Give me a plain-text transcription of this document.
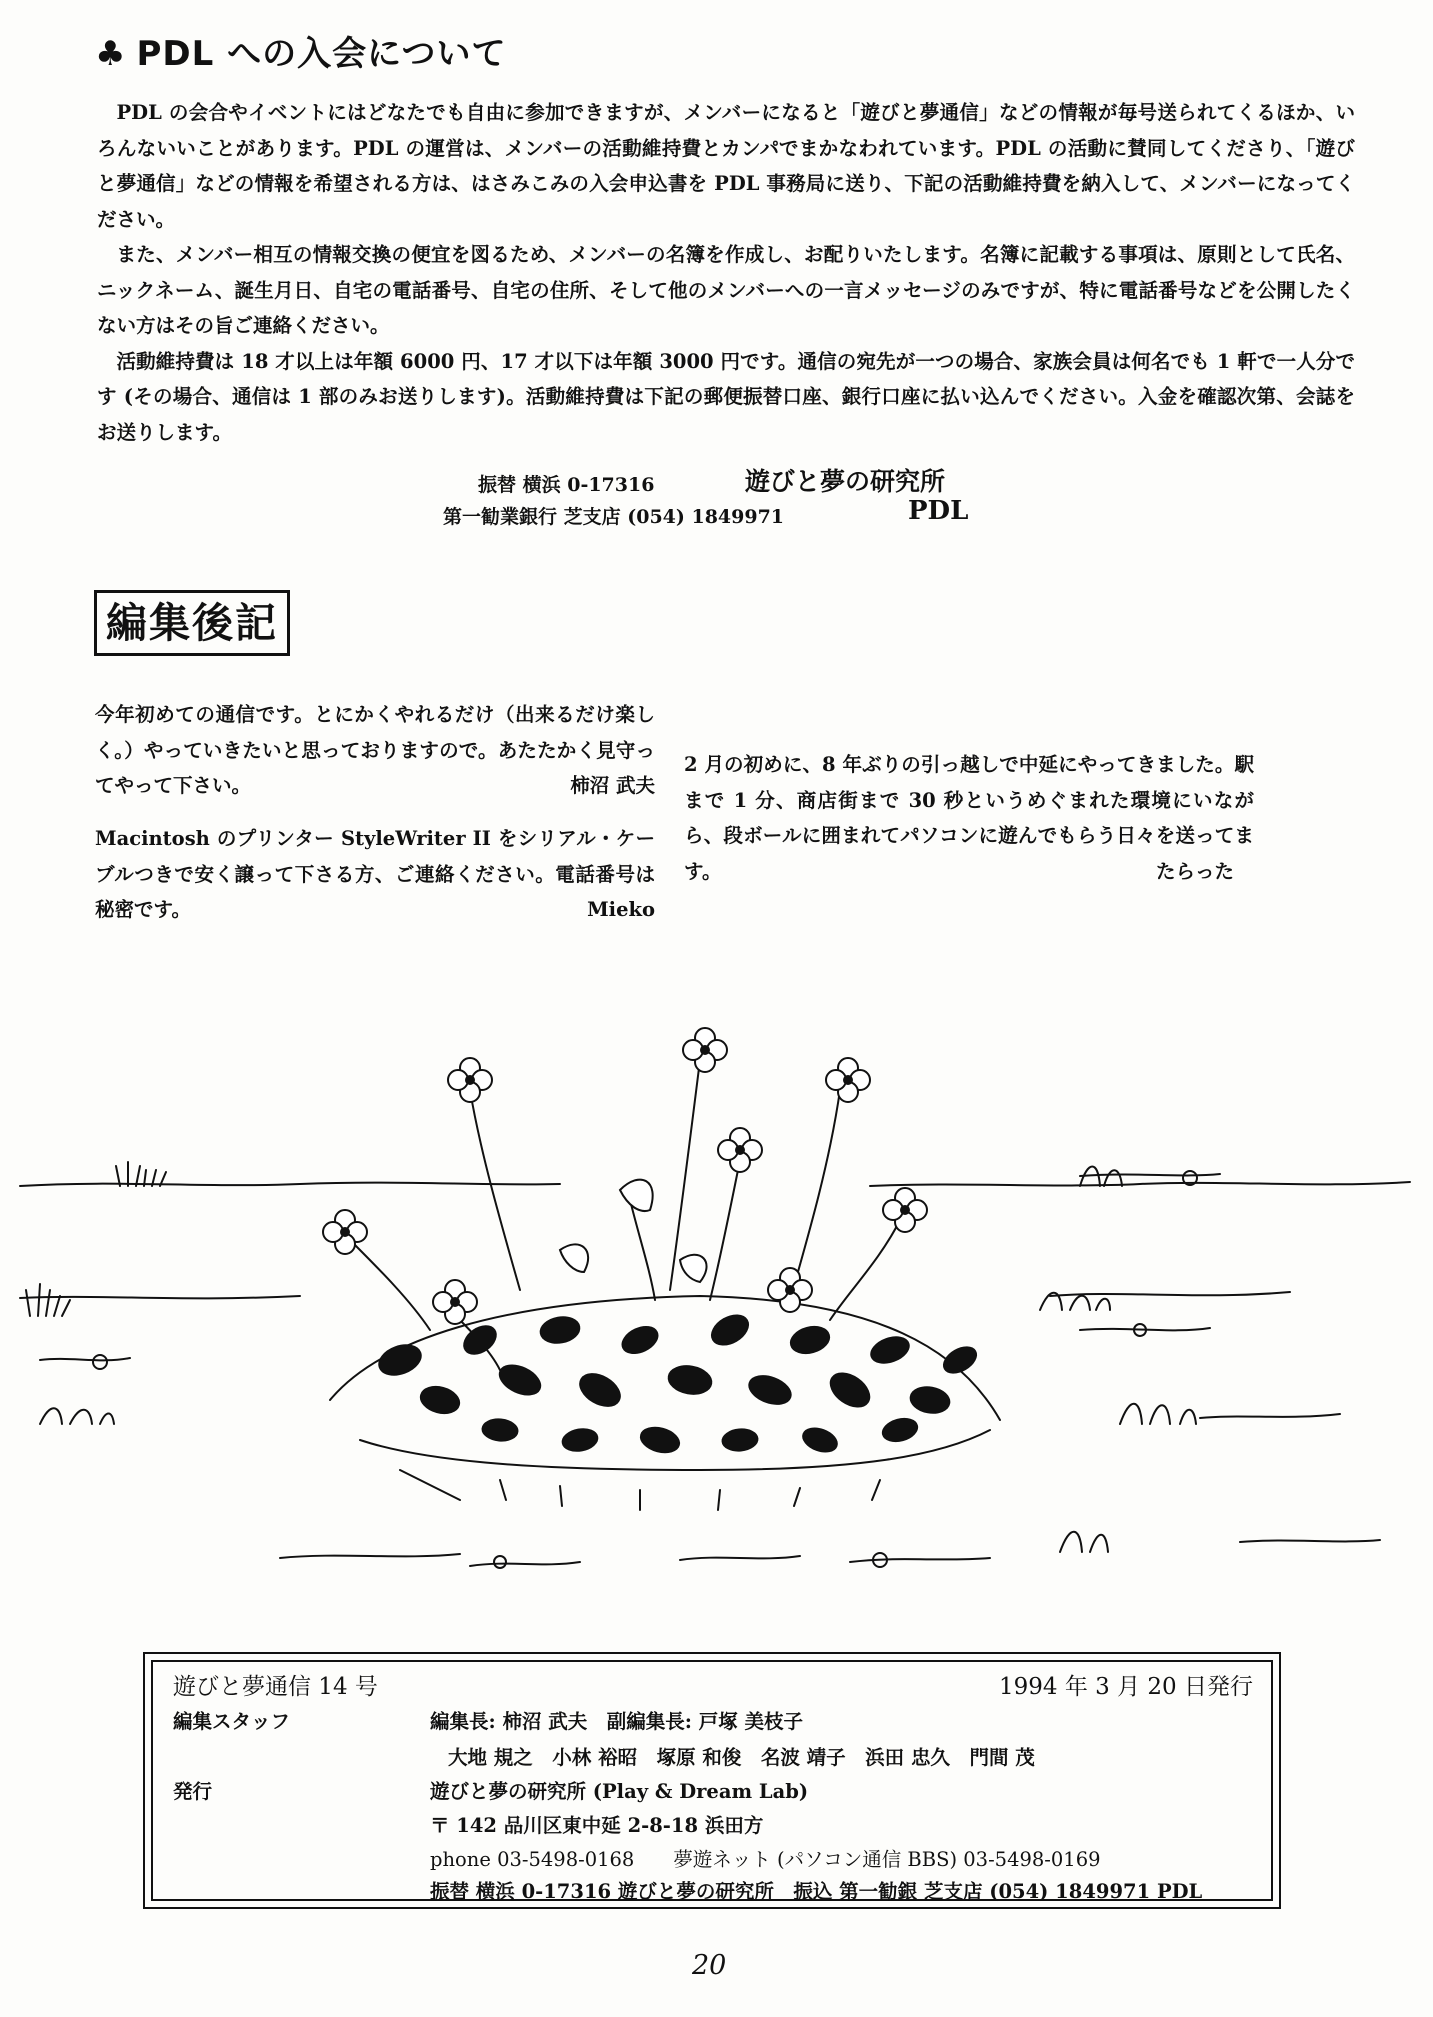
♣ PDL への入会について

PDL の会合やイベントにはどなたでも自由に参加できますが、メンバーになると「遊びと夢通信」などの情報が毎号送られてくるほか、いろんないいことがあります。PDL の運営は、メンバーの活動維持費とカンパでまかなわれています。PDL の活動に賛同してくださり、「遊びと夢通信」などの情報を希望される方は、はさみこみの入会申込書を PDL 事務局に送り、下記の活動維持費を納入して、メンバーになってください。

また、メンバー相互の情報交換の便宜を図るため、メンバーの名簿を作成し、お配りいたします。名簿に記載する事項は、原則として氏名、ニックネーム、誕生月日、自宅の電話番号、自宅の住所、そして他のメンバーへの一言メッセージのみですが、特に電話番号などを公開したくない方はその旨ご連絡ください。

活動維持費は 18 才以上は年額 6000 円、17 才以下は年額 3000 円です。通信の宛先が一つの場合、家族会員は何名でも 1 軒で一人分です (その場合、通信は 1 部のみお送りします)。活動維持費は下記の郵便振替口座、銀行口座に払い込んでください。入金を確認次第、会誌をお送りします。

振替 横浜 0-17316
第一勧業銀行 芝支店 (054) 1849971
遊びと夢の研究所
PDL
編集後記

今年初めての通信です。とにかくやれるだけ（出来るだけ楽しく。）やっていきたいと思っておりますので。あたたかく見守ってやって下さい。	柿沼 武夫

Macintosh のプリンター StyleWriter II をシリアル・ケーブルつきで安く譲って下さる方、ご連絡ください。電話番号は秘密です。	Mieko

2 月の初めに、8 年ぶりの引っ越しで中延にやってきました。駅まで 1 分、商店街まで 30 秒というめぐまれた環境にいながら、段ボールに囲まれてパソコンに遊んでもらう日々を送ってます。	たらった

遊びと夢通信 14 号	1994 年 3 月 20 日発行
編集スタッフ	編集長: 柿沼 武夫　副編集長: 戸塚 美枝子
大地 規之　小林 裕昭　塚原 和俊　名波 靖子　浜田 忠久　門間 茂
発行	遊びと夢の研究所 (Play & Dream Lab)
〒 142 品川区東中延 2-8-18 浜田方
phone 03-5498-0168　　夢遊ネット (パソコン通信 BBS) 03-5498-0169
振替 横浜 0-17316 遊びと夢の研究所　振込 第一勧銀 芝支店 (054) 1849971 PDL
20
